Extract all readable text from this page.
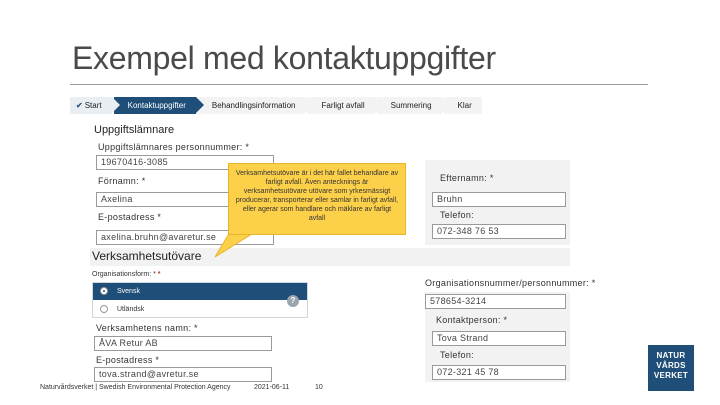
Exempel med kontaktuppgifter
✔ Start	Kontaktuppgifter	Behandlingsinformation	Farligt avfall	Summering	Klar
Uppgiftslämnare
Uppgiftslämnares personnummer: *
19670416-3085
Förnamn: *
Axelina
E-postadress *
axelina.bruhn@avaretur.se
Efternamn: *
Bruhn
Telefon:
072-348 76 53
Verksamhetsutövare är i det här fallet behandlare av farligt avfall. Även antecknings är verksamhetsutövare utövare som yrkesmässigt producerar, transporterar eller samlar in farligt avfall, eller agerar som handlare och mäklare av farligt avfall
Verksamhetsutövare
Organisationsform: * *
Svensk
Utländsk
?
Organisationsnummer/personnummer: *
578654-3214
Kontaktperson: *
Tova Strand
Telefon:
072-321 45 78
Verksamhetens namn: *
ÅVA Retur AB
E-postadress *
tova.strand@avretur.se
Naturvårdsverket | Swedish Environmental Protection Agency	2021-06-11	10
NATUR
VÅRDS
VERKET
